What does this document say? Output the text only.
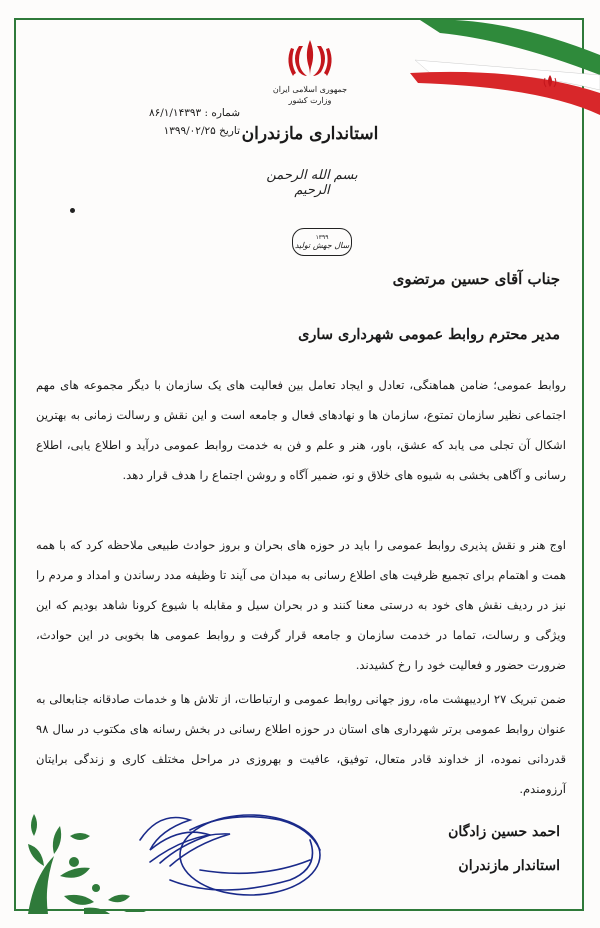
جمهوری اسلامی ایران
وزارت کشور
استانداری مازندران
شماره : ۸۶/۱/۱۴۳۹۳
تاریخ ۱۳۹۹/۰۲/۲۵
بسم الله الرحمن الرحیم
۱۳۹۹
سال جهش تولید
جناب آقای حسین مرتضوی
مدیر محترم روابط عمومی شهرداری ساری
روابط عمومی؛ ضامن هماهنگی، تعادل و ایجاد تعامل بین فعالیت های یک سازمان با دیگر مجموعه های مهم اجتماعی نظیر سازمان تمتوع، سازمان ها و نهادهای فعال و جامعه است و این نقش و رسالت زمانی به بهترین اشکال آن تجلی می یابد که عشق، باور، هنر و علم و فن به خدمت روابط عمومی درآید و اطلاع یابی، اطلاع رسانی و آگاهی بخشی به شیوه های خلاق و نو، ضمیر آگاه و روشن اجتماع را هدف قرار دهد.
اوج هنر و نقش پذیری روابط عمومی را باید در حوزه های بحران و بروز حوادث طبیعی ملاحظه کرد که با همه همت و اهتمام برای تجمیع ظرفیت های اطلاع رسانی به میدان می آیند تا وظیفه مدد رساندن و امداد و مردم را نیز در ردیف نقش های خود به درستی معنا کنند و در بحران سیل و مقابله با شیوع کرونا شاهد بودیم که این ویژگی و رسالت، تماما در خدمت سازمان و جامعه قرار گرفت و روابط عمومی ها بخوبی در این حوادث، ضرورت حضور و فعالیت خود را رخ کشیدند.
ضمن تبریک ۲۷ اردیبهشت ماه، روز جهانی روابط عمومی و ارتباطات، از تلاش ها و خدمات صادقانه جنابعالی به عنوان روابط عمومی برتر شهرداری های استان در حوزه اطلاع رسانی در بخش رسانه های مکتوب در سال ۹۸ قدردانی نموده، از خداوند قادر متعال، توفیق، عافیت و بهروزی در مراحل مختلف کاری و زندگی برایتان آرزومندم.
احمد حسین زادگان
استاندار مازندران
